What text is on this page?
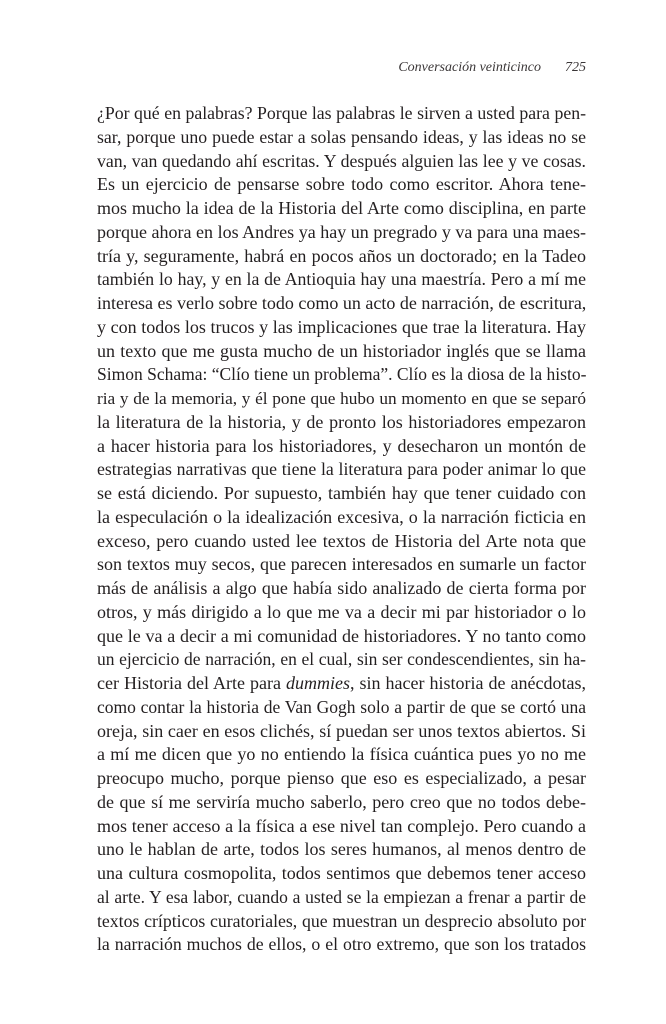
Conversación veinticinco 725
¿Por qué en palabras? Porque las palabras le sirven a usted para pen-
sar, porque uno puede estar a solas pensando ideas, y las ideas no se
van, van quedando ahí escritas. Y después alguien las lee y ve cosas.
Es un ejercicio de pensarse sobre todo como escritor. Ahora tene-
mos mucho la idea de la Historia del Arte como disciplina, en parte
porque ahora en los Andres ya hay un pregrado y va para una maes-
tría y, seguramente, habrá en pocos años un doctorado; en la Tadeo
también lo hay, y en la de Antioquia hay una maestría. Pero a mí me
interesa es verlo sobre todo como un acto de narración, de escritura,
y con todos los trucos y las implicaciones que trae la literatura. Hay
un texto que me gusta mucho de un historiador inglés que se llama
Simon Schama: “Clío tiene un problema”. Clío es la diosa de la histo-
ria y de la memoria, y él pone que hubo un momento en que se separó
la literatura de la historia, y de pronto los historiadores empezaron
a hacer historia para los historiadores, y desecharon un montón de
estrategias narrativas que tiene la literatura para poder animar lo que
se está diciendo. Por supuesto, también hay que tener cuidado con
la especulación o la idealización excesiva, o la narración ficticia en
exceso, pero cuando usted lee textos de Historia del Arte nota que
son textos muy secos, que parecen interesados en sumarle un factor
más de análisis a algo que había sido analizado de cierta forma por
otros, y más dirigido a lo que me va a decir mi par historiador o lo
que le va a decir a mi comunidad de historiadores. Y no tanto como
un ejercicio de narración, en el cual, sin ser condescendientes, sin ha-
cer Historia del Arte para dummies, sin hacer historia de anécdotas,
como contar la historia de Van Gogh solo a partir de que se cortó una
oreja, sin caer en esos clichés, sí puedan ser unos textos abiertos. Si
a mí me dicen que yo no entiendo la física cuántica pues yo no me
preocupo mucho, porque pienso que eso es especializado, a pesar
de que sí me serviría mucho saberlo, pero creo que no todos debe-
mos tener acceso a la física a ese nivel tan complejo. Pero cuando a
uno le hablan de arte, todos los seres humanos, al menos dentro de
una cultura cosmopolita, todos sentimos que debemos tener acceso
al arte. Y esa labor, cuando a usted se la empiezan a frenar a partir de
textos crípticos curatoriales, que muestran un desprecio absoluto por
la narración muchos de ellos, o el otro extremo, que son los tratados
